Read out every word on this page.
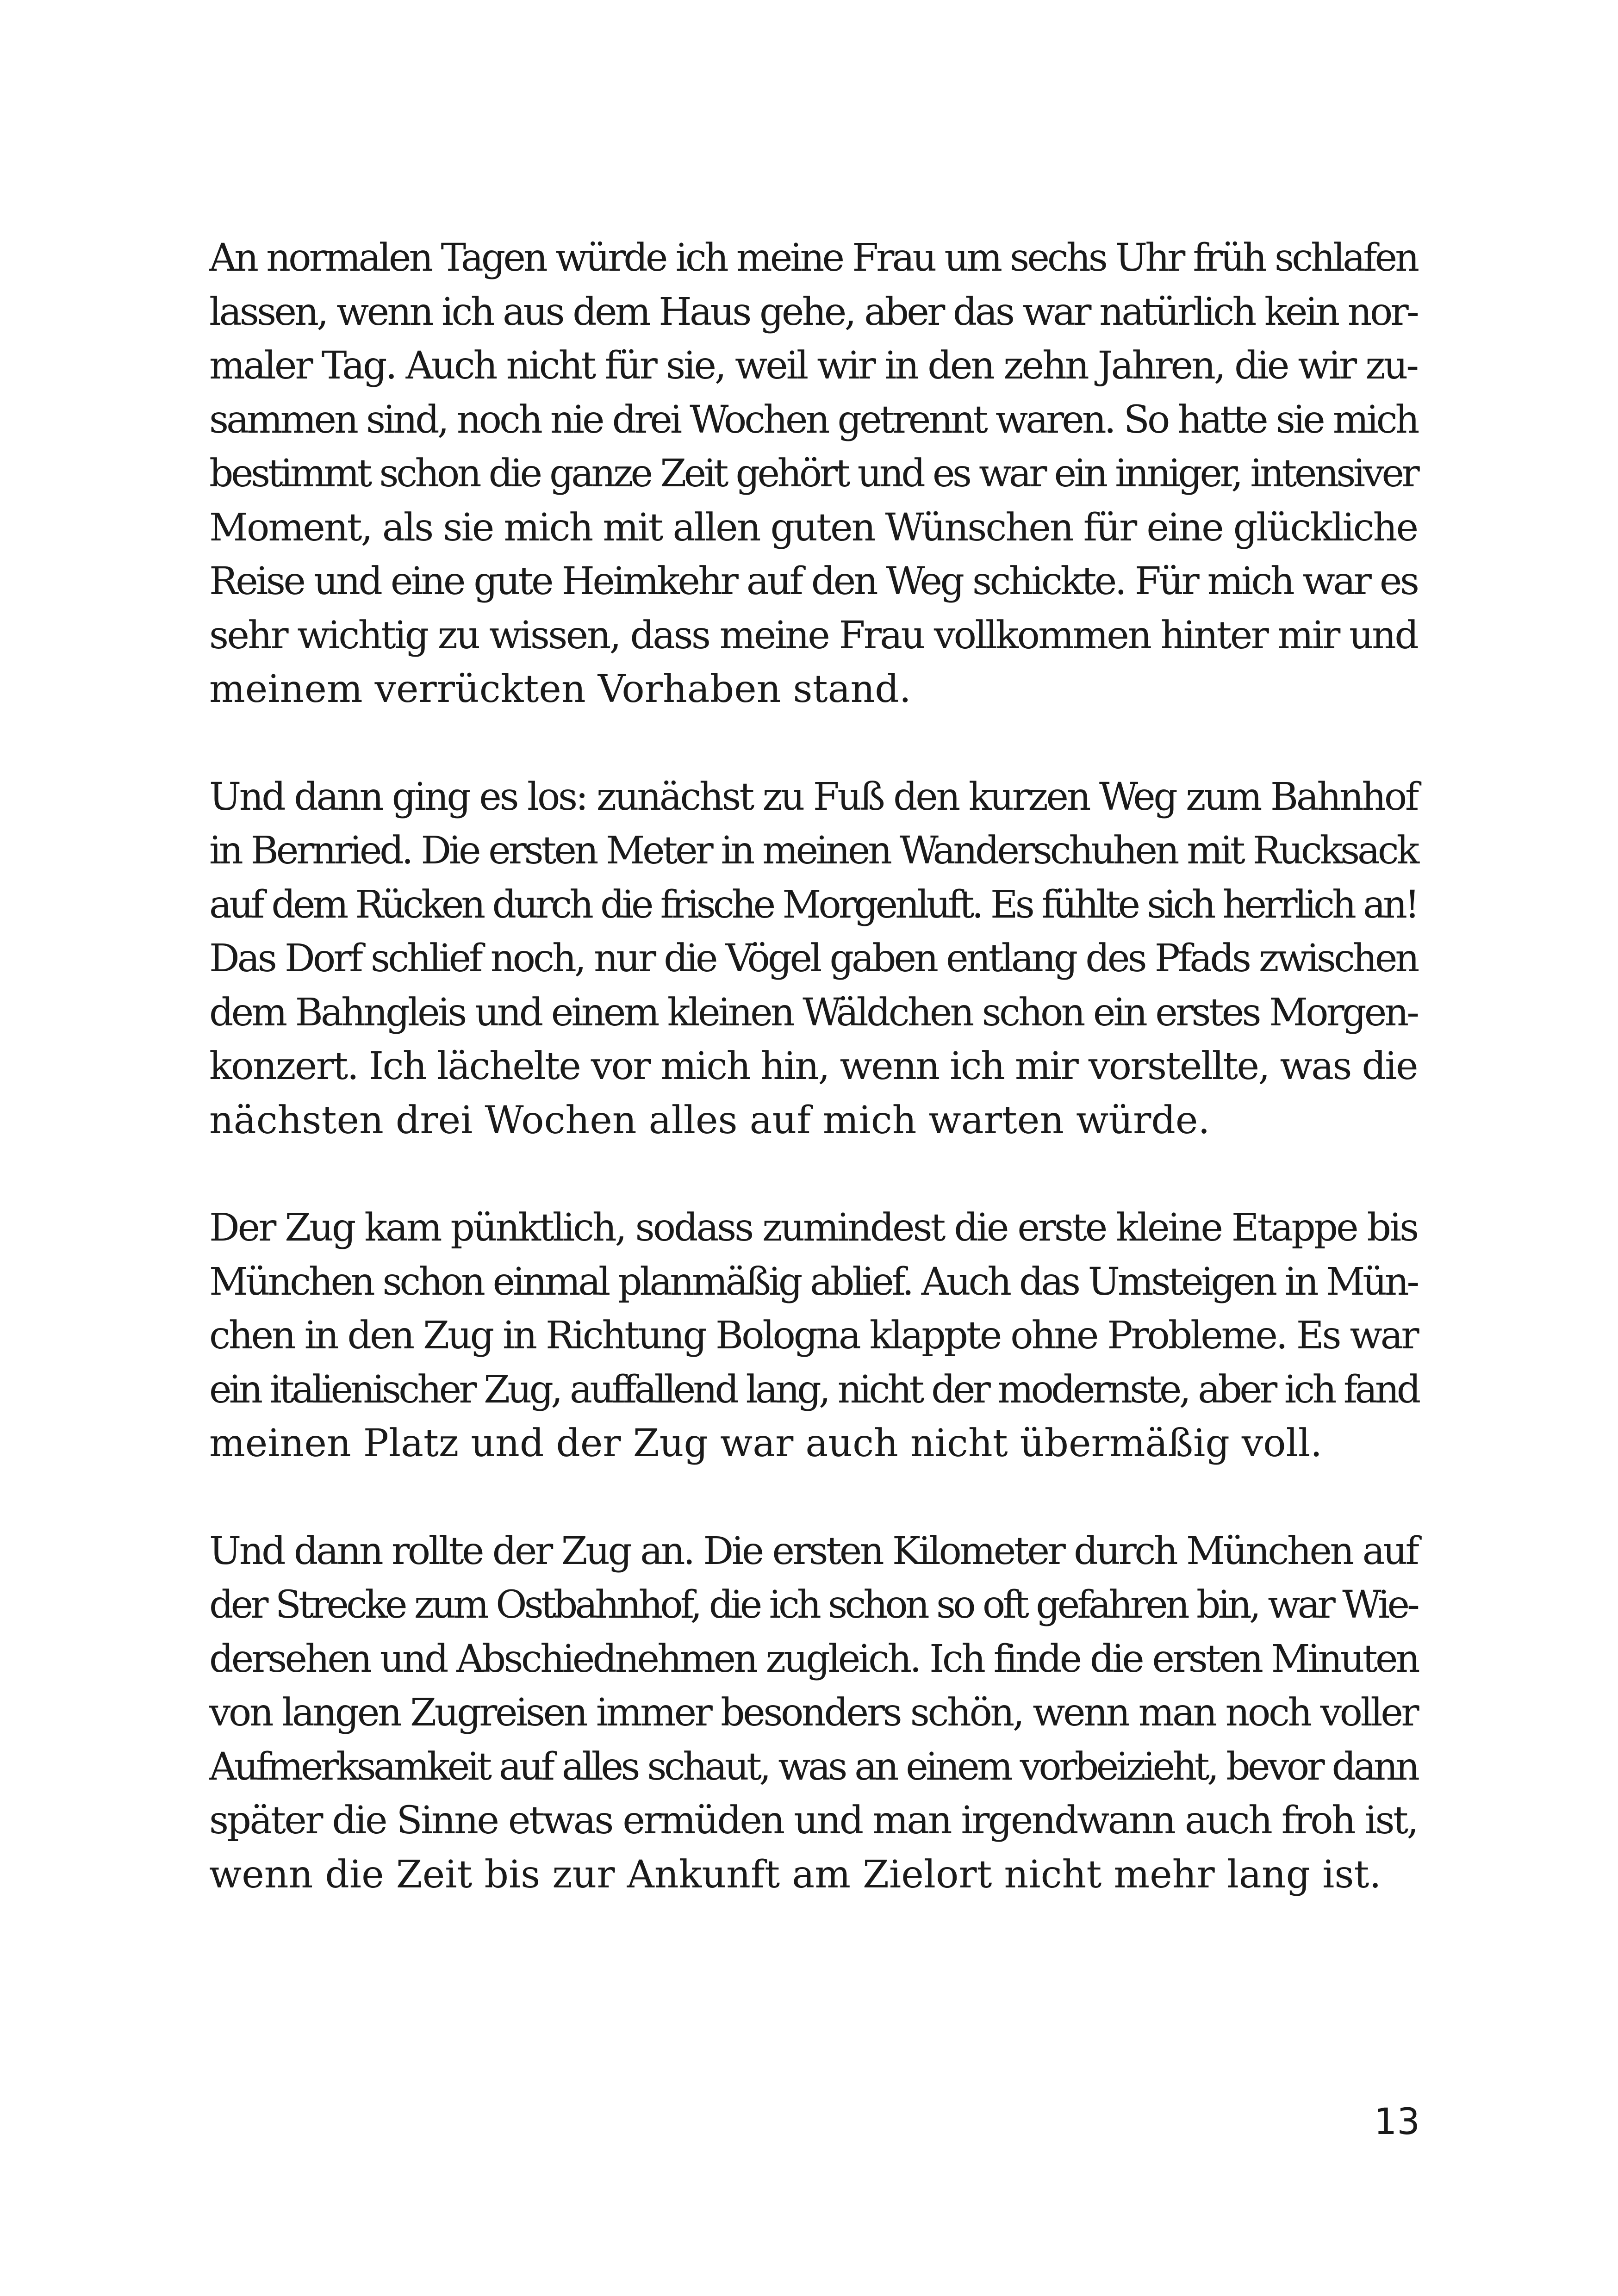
An normalen Tagen würde ich meine Frau um sechs Uhr früh schlafen
lassen, wenn ich aus dem Haus gehe, aber das war natürlich kein nor-
maler Tag. Auch nicht für sie, weil wir in den zehn Jahren, die wir zu-
sammen sind, noch nie drei Wochen getrennt waren. So hatte sie mich
bestimmt schon die ganze Zeit gehört und es war ein inniger, intensiver
Moment, als sie mich mit allen guten Wünschen für eine glückliche
Reise und eine gute Heimkehr auf den Weg schickte. Für mich war es
sehr wichtig zu wissen, dass meine Frau vollkommen hinter mir und
meinem verrückten Vorhaben stand.

Und dann ging es los: zunächst zu Fuß den kurzen Weg zum Bahnhof
in Bernried. Die ersten Meter in meinen Wanderschuhen mit Rucksack
auf dem Rücken durch die frische Morgenluft. Es fühlte sich herrlich an!
Das Dorf schlief noch, nur die Vögel gaben entlang des Pfads zwischen
dem Bahngleis und einem kleinen Wäldchen schon ein erstes Morgen-
konzert. Ich lächelte vor mich hin, wenn ich mir vorstellte, was die
nächsten drei Wochen alles auf mich warten würde.

Der Zug kam pünktlich, sodass zumindest die erste kleine Etappe bis
München schon einmal planmäßig ablief. Auch das Umsteigen in Mün-
chen in den Zug in Richtung Bologna klappte ohne Probleme. Es war
ein italienischer Zug, auffallend lang, nicht der modernste, aber ich fand
meinen Platz und der Zug war auch nicht übermäßig voll.

Und dann rollte der Zug an. Die ersten Kilometer durch München auf
der Strecke zum Ostbahnhof, die ich schon so oft gefahren bin, war Wie-
dersehen und Abschiednehmen zugleich. Ich finde die ersten Minuten
von langen Zugreisen immer besonders schön, wenn man noch voller
Aufmerksamkeit auf alles schaut, was an einem vorbeizieht, bevor dann
später die Sinne etwas ermüden und man irgendwann auch froh ist,
wenn die Zeit bis zur Ankunft am Zielort nicht mehr lang ist.

13
